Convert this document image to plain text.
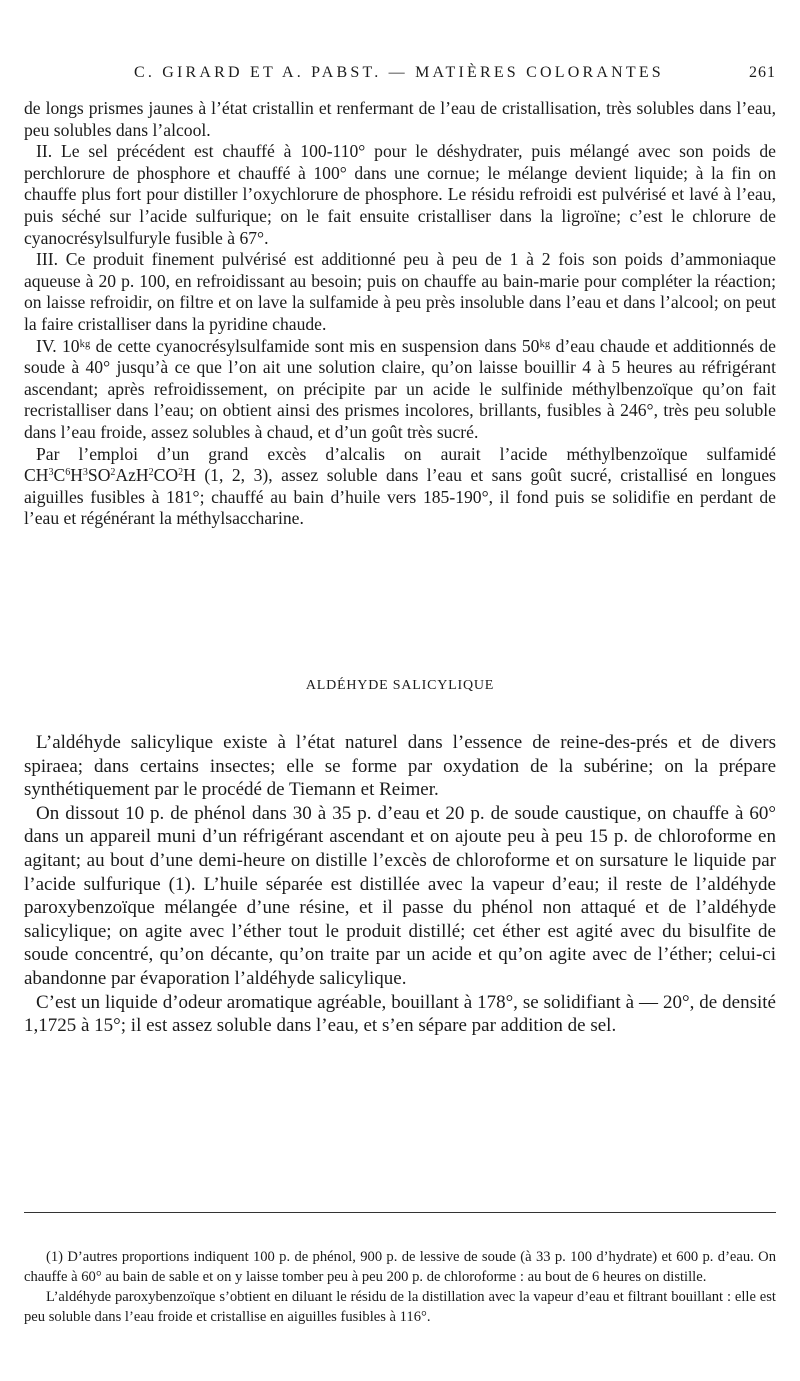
C. GIRARD ET A. PABST. — MATIÈRES COLORANTES	261

de longs prismes jaunes à l’état cristallin et renfermant de l’eau de cristallisation, très solubles dans l’eau, peu solubles dans l’alcool.

II. Le sel précédent est chauffé à 100-110° pour le déshydrater, puis mélangé avec son poids de perchlorure de phosphore et chauffé à 100° dans une cornue; le mélange devient liquide; à la fin on chauffe plus fort pour distiller l’oxychlorure de phosphore. Le résidu refroidi est pulvérisé et lavé à l’eau, puis séché sur l’acide sulfurique; on le fait ensuite cristalliser dans la ligroïne; c’est le chlorure de cyanocrésylsulfuryle fusible à 67°.

III. Ce produit finement pulvérisé est additionné peu à peu de 1 à 2 fois son poids d’ammoniaque aqueuse à 20 p. 100, en refroidissant au besoin; puis on chauffe au bain-marie pour compléter la réaction; on laisse refroidir, on filtre et on lave la sulfamide à peu près insoluble dans l’eau et dans l’alcool; on peut la faire cristalliser dans la pyridine chaude.

IV. 10ᵏᵍ de cette cyanocrésylsulfamide sont mis en suspension dans 50ᵏᵍ d’eau chaude et additionnés de soude à 40° jusqu’à ce que l’on ait une solution claire, qu’on laisse bouillir 4 à 5 heures au réfrigérant ascendant; après refroidissement, on précipite par un acide le sulfinide méthylbenzoïque qu’on fait recristalliser dans l’eau; on obtient ainsi des prismes incolores, brillants, fusibles à 246°, très peu soluble dans l’eau froide, assez solubles à chaud, et d’un goût très sucré.

Par l’emploi d’un grand excès d’alcalis on aurait l’acide méthylbenzoïque sulfamidé $CH^3C^6H^3SO^2AzH^2CO^2H$ (1, 2, 3), assez soluble dans l’eau et sans goût sucré, cristallisé en longues aiguilles fusibles à 181°; chauffé au bain d’huile vers 185-190°, il fond puis se solidifie en perdant de l’eau et régénérant la méthylsaccharine.

ALDÉHYDE SALICYLIQUE

L’aldéhyde salicylique existe à l’état naturel dans l’essence de reine-des-prés et de divers spiraea; dans certains insectes; elle se forme par oxydation de la subérine; on la prépare synthétiquement par le procédé de Tiemann et Reimer.

On dissout 10 p. de phénol dans 30 à 35 p. d’eau et 20 p. de soude caustique, on chauffe à 60° dans un appareil muni d’un réfrigérant ascendant et on ajoute peu à peu 15 p. de chloroforme en agitant; au bout d’une demi-heure on distille l’excès de chloroforme et on sursature le liquide par l’acide sulfurique (1). L’huile séparée est distillée avec la vapeur d’eau; il reste de l’aldéhyde paroxybenzoïque mélangée d’une résine, et il passe du phénol non attaqué et de l’aldéhyde salicylique; on agite avec l’éther tout le produit distillé; cet éther est agité avec du bisulfite de soude concentré, qu’on décante, qu’on traite par un acide et qu’on agite avec de l’éther; celui-ci abandonne par évaporation l’aldéhyde salicylique.

C’est un liquide d’odeur aromatique agréable, bouillant à 178°, se solidifiant à — 20°, de densité 1,1725 à 15°; il est assez soluble dans l’eau, et s’en sépare par addition de sel.

(1) D’autres proportions indiquent 100 p. de phénol, 900 p. de lessive de soude (à 33 p. 100 d’hydrate) et 600 p. d’eau. On chauffe à 60° au bain de sable et on y laisse tomber peu à peu 200 p. de chloroforme : au bout de 6 heures on distille.

L’aldéhyde paroxybenzoïque s’obtient en diluant le résidu de la distillation avec la vapeur d’eau et filtrant bouillant : elle est peu soluble dans l’eau froide et cristallise en aiguilles fusibles à 116°.
